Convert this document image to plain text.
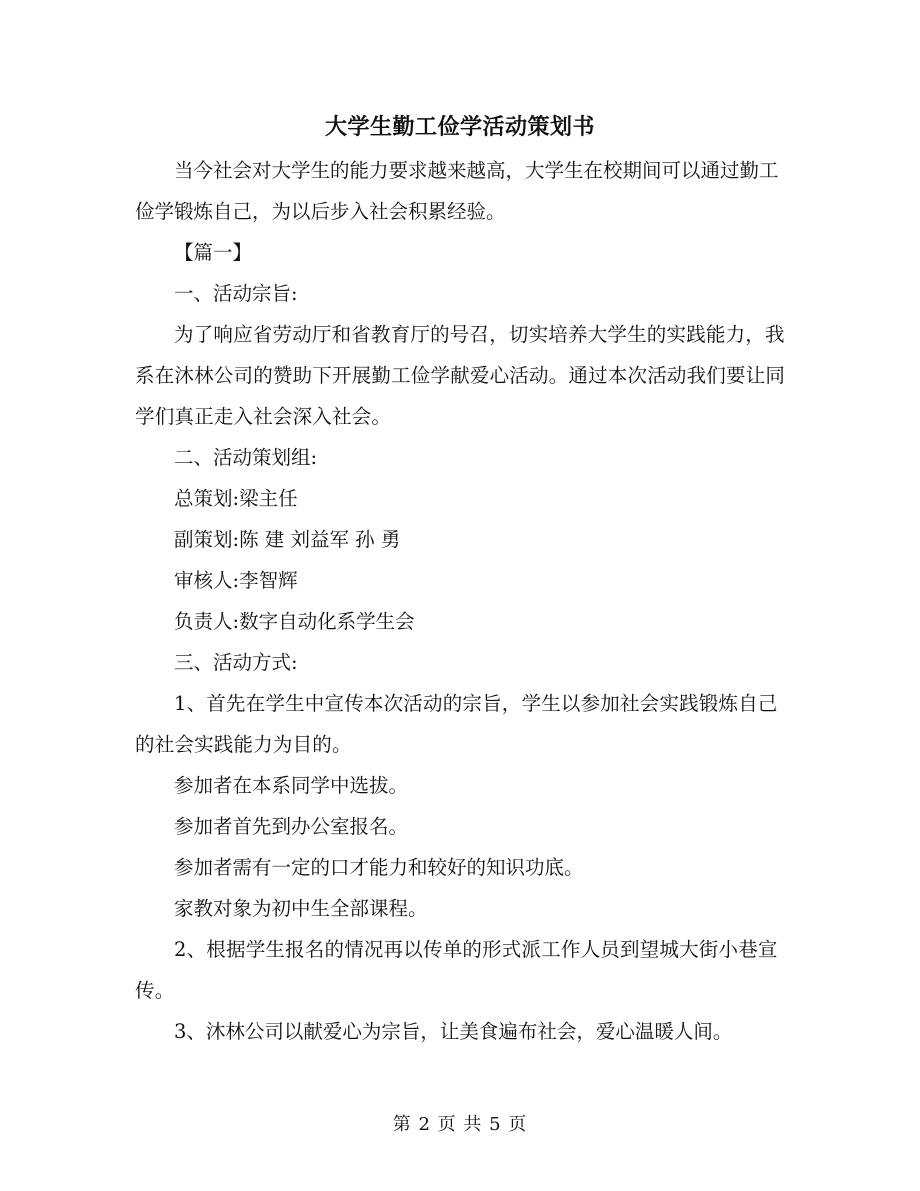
大学生勤工俭学活动策划书

当今社会对大学生的能力要求越来越高，大学生在校期间可以通过勤工俭学锻炼自己，为以后步入社会积累经验。

【篇一】

一、活动宗旨:

为了响应省劳动厅和省教育厅的号召，切实培养大学生的实践能力，我系在沐林公司的赞助下开展勤工俭学献爱心活动。通过本次活动我们要让同学们真正走入社会深入社会。

二、活动策划组:

总策划:梁主任

副策划:陈 建 刘益军 孙 勇

审核人:李智辉

负责人:数字自动化系学生会

三、活动方式:

1、首先在学生中宣传本次活动的宗旨，学生以参加社会实践锻炼自己的社会实践能力为目的。

参加者在本系同学中选拔。

参加者首先到办公室报名。

参加者需有一定的口才能力和较好的知识功底。

家教对象为初中生全部课程。

2、根据学生报名的情况再以传单的形式派工作人员到望城大街小巷宣传。

3、沐林公司以献爱心为宗旨，让美食遍布社会，爱心温暖人间。

第 2 页 共 5 页
